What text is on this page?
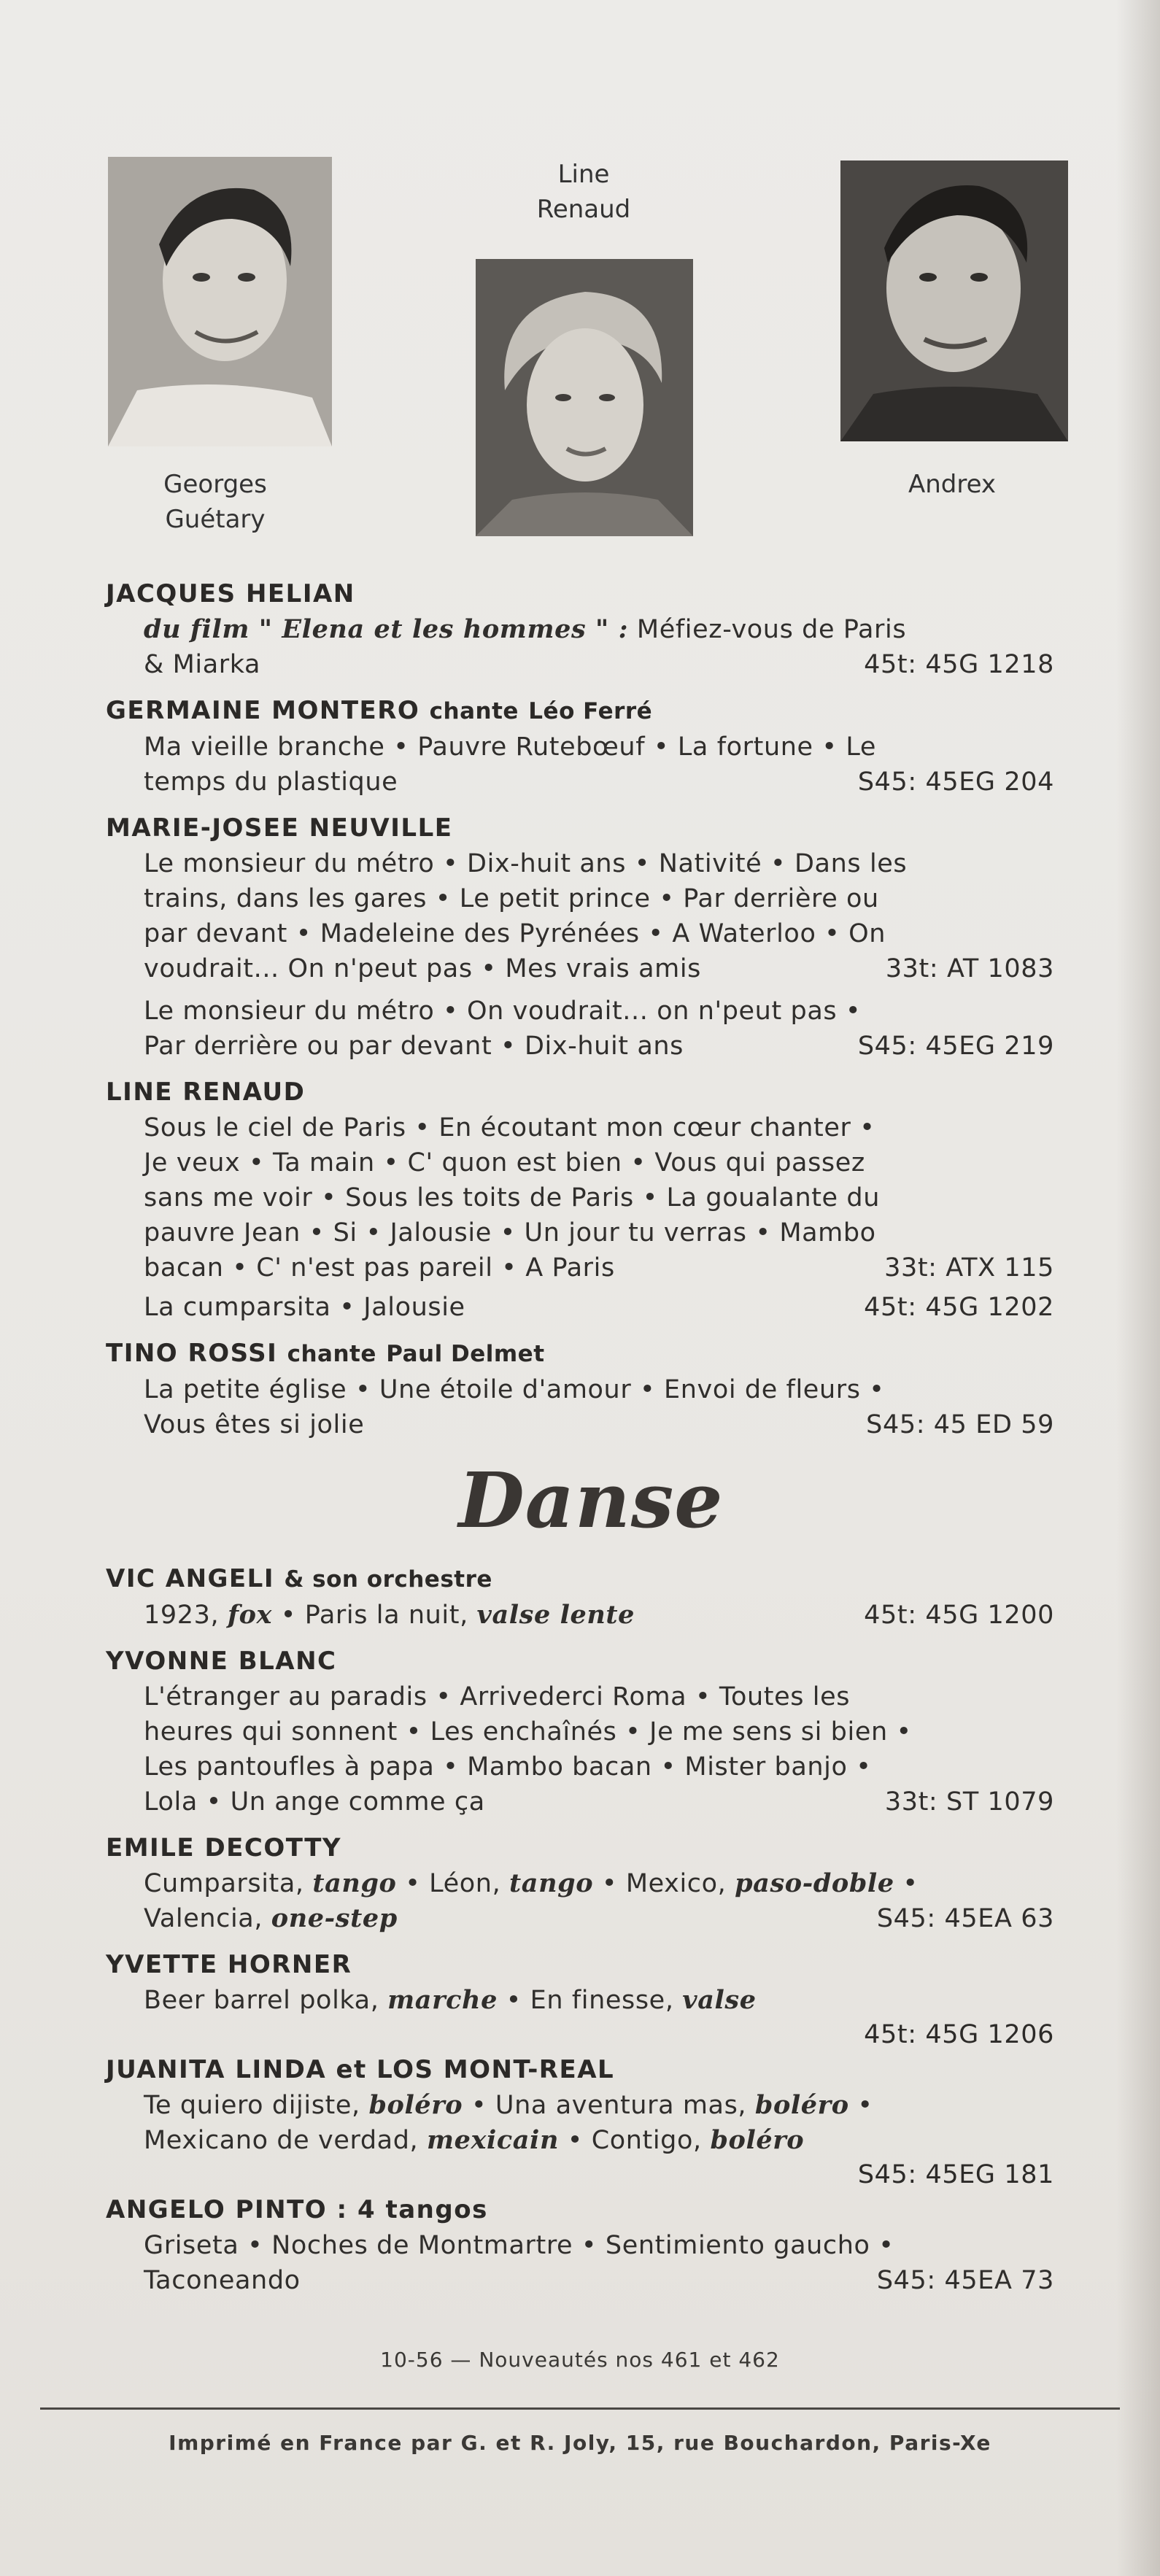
Georges
Guétary
Line
Renaud
Andrex
JACQUES HELIAN
du film " Elena et les hommes " : Méfiez-vous de Paris
& Miarka	45t: 45G 1218
GERMAINE MONTERO chante Léo Ferré
Ma vieille branche • Pauvre Rutebœuf • La fortune • Le
temps du plastique	S45: 45EG 204
MARIE-JOSEE NEUVILLE
Le monsieur du métro • Dix-huit ans • Nativité • Dans les
trains, dans les gares • Le petit prince • Par derrière ou
par devant • Madeleine des Pyrénées • A Waterloo • On
voudrait... On n'peut pas • Mes vrais amis	33t: AT 1083
Le monsieur du métro • On voudrait... on n'peut pas •
Par derrière ou par devant • Dix-huit ans	S45: 45EG 219
LINE RENAUD
Sous le ciel de Paris • En écoutant mon cœur chanter •
Je veux • Ta main • C' quon est bien • Vous qui passez
sans me voir • Sous les toits de Paris • La goualante du
pauvre Jean • Si • Jalousie • Un jour tu verras • Mambo
bacan • C' n'est pas pareil • A Paris	33t: ATX 115
La cumparsita • Jalousie	45t: 45G 1202
TINO ROSSI chante Paul Delmet
La petite église • Une étoile d'amour • Envoi de fleurs •
Vous êtes si jolie	S45: 45 ED 59
Danse
VIC ANGELI & son orchestre
1923, fox • Paris la nuit, valse lente	45t: 45G 1200
YVONNE BLANC
L'étranger au paradis • Arrivederci Roma • Toutes les
heures qui sonnent • Les enchaînés • Je me sens si bien •
Les pantoufles à papa • Mambo bacan • Mister banjo •
Lola • Un ange comme ça	33t: ST 1079
EMILE DECOTTY
Cumparsita, tango • Léon, tango • Mexico, paso-doble •
Valencia, one-step	S45: 45EA 63
YVETTE HORNER
Beer barrel polka, marche • En finesse, valse
45t: 45G 1206
JUANITA LINDA et LOS MONT-REAL
Te quiero dijiste, boléro • Una aventura mas, boléro •
Mexicano de verdad, mexicain • Contigo, boléro
S45: 45EG 181
ANGELO PINTO : 4 tangos
Griseta • Noches de Montmartre • Sentimiento gaucho •
Taconeando	S45: 45EA 73
10-56 — Nouveautés nos 461 et 462
Imprimé en France par G. et R. Joly, 15, rue Bouchardon, Paris-Xe
